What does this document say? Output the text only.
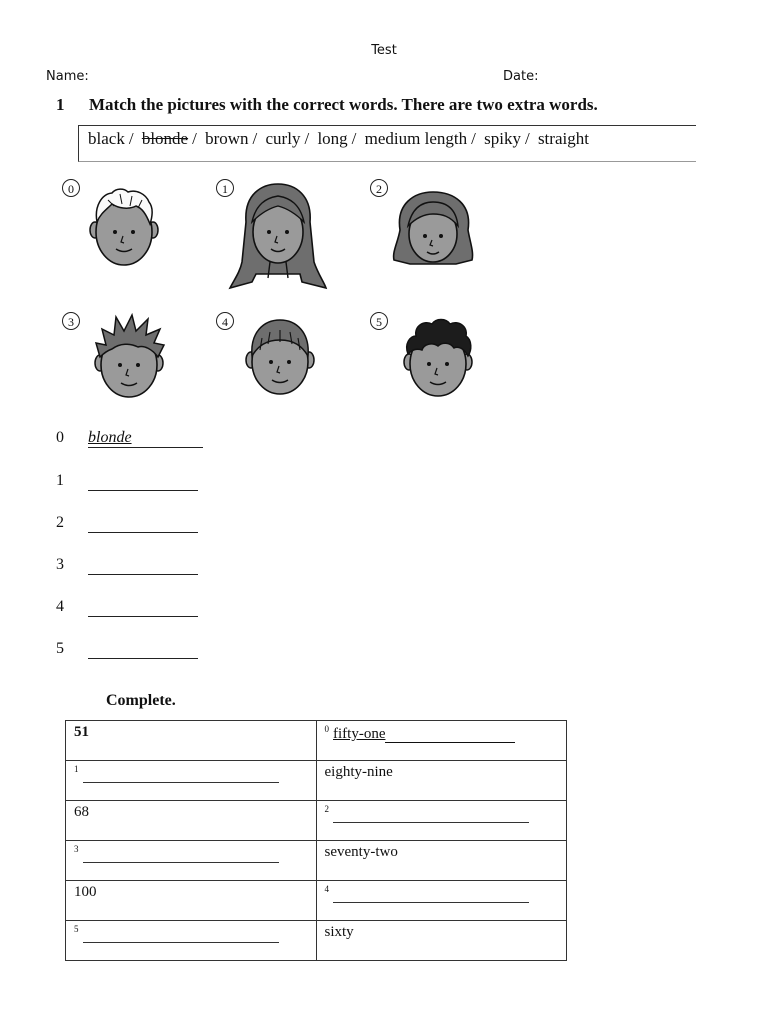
Test
Name:	Date:
1 Match the pictures with the correct words. There are two extra words.
black / blonde / brown / curly / long / medium length / spiky / straight
0	1	2
3	4	5
0 blonde
1
2
3
4
5
Complete.
51	$^0$ fifty-one
$^1$	eighty-nine
68	$^2$
$^3$	seventy-two
100	$^4$
$^5$	sixty
